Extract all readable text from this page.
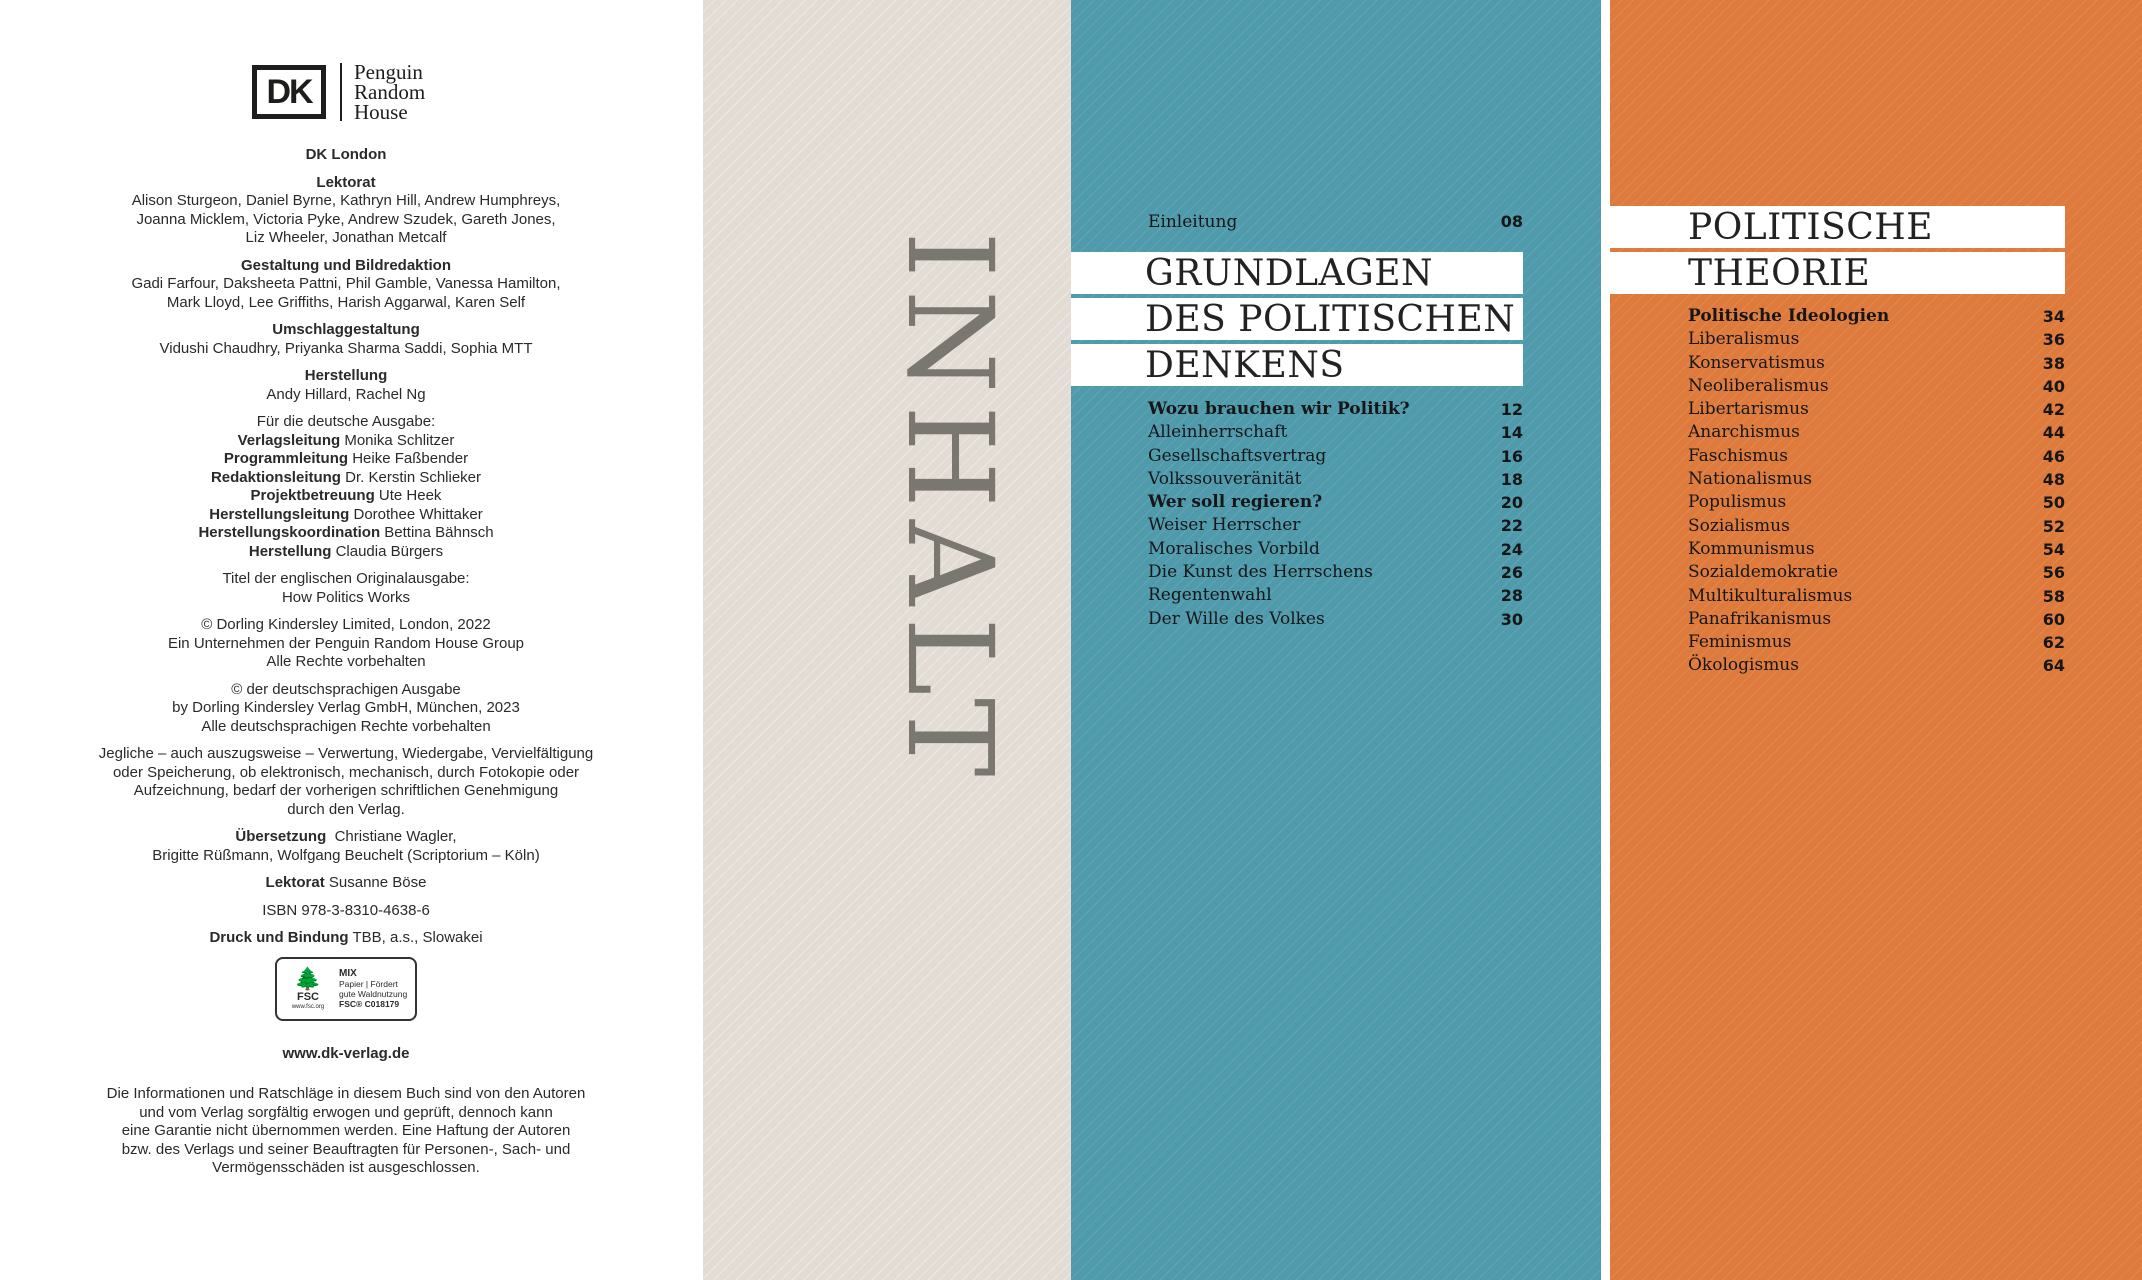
DK
Penguin
Random
House

DK London

Lektorat
Alison Sturgeon, Daniel Byrne, Kathryn Hill, Andrew Humphreys,
Joanna Micklem, Victoria Pyke, Andrew Szudek, Gareth Jones,
Liz Wheeler, Jonathan Metcalf

Gestaltung und Bildredaktion
Gadi Farfour, Daksheeta Pattni, Phil Gamble, Vanessa Hamilton,
Mark Lloyd, Lee Griffiths, Harish Aggarwal, Karen Self

Umschlaggestaltung
Vidushi Chaudhry, Priyanka Sharma Saddi, Sophia MTT

Herstellung
Andy Hillard, Rachel Ng

Für die deutsche Ausgabe:
Verlagsleitung Monika Schlitzer
Programmleitung Heike Faßbender
Redaktionsleitung Dr. Kerstin Schlieker
Projektbetreuung Ute Heek
Herstellungsleitung Dorothee Whittaker
Herstellungskoordination Bettina Bähnsch
Herstellung Claudia Bürgers

Titel der englischen Originalausgabe:
How Politics Works

© Dorling Kindersley Limited, London, 2022
Ein Unternehmen der Penguin Random House Group
Alle Rechte vorbehalten

© der deutschsprachigen Ausgabe
by Dorling Kindersley Verlag GmbH, München, 2023
Alle deutschsprachigen Rechte vorbehalten

Jegliche – auch auszugsweise – Verwertung, Wiedergabe, Vervielfältigung
oder Speicherung, ob elektronisch, mechanisch, durch Fotokopie oder
Aufzeichnung, bedarf der vorherigen schriftlichen Genehmigung
durch den Verlag.

Übersetzung Christiane Wagler,
Brigitte Rüßmann, Wolfgang Beuchelt (Scriptorium – Köln)

Lektorat Susanne Böse

ISBN 978-3-8310-4638-6

Druck und Bindung TBB, a.s., Slowakei

🌲
FSC
www.fsc.org
MIX
Papier | Fördert
gute Waldnutzung
FSC® C018179

www.dk-verlag.de

Die Informationen und Ratschläge in diesem Buch sind von den Autoren
und vom Verlag sorgfältig erwogen und geprüft, dennoch kann
eine Garantie nicht übernommen werden. Eine Haftung der Autoren
bzw. des Verlags und seiner Beauftragten für Personen-, Sach- und
Vermögensschäden ist ausgeschlossen.

INHALT
Einleitung	08
GRUNDLAGEN
DES POLITISCHEN
DENKENS
Wozu brauchen wir Politik?	12
Alleinherrschaft	14
Gesellschaftsvertrag	16
Volkssouveränität	18
Wer soll regieren?	20
Weiser Herrscher	22
Moralisches Vorbild	24
Die Kunst des Herrschens	26
Regentenwahl	28
Der Wille des Volkes	30
POLITISCHE
THEORIE
Politische Ideologien	34
Liberalismus	36
Konservatismus	38
Neoliberalismus	40
Libertarismus	42
Anarchismus	44
Faschismus	46
Nationalismus	48
Populismus	50
Sozialismus	52
Kommunismus	54
Sozialdemokratie	56
Multikulturalismus	58
Panafrikanismus	60
Feminismus	62
Ökologismus	64
